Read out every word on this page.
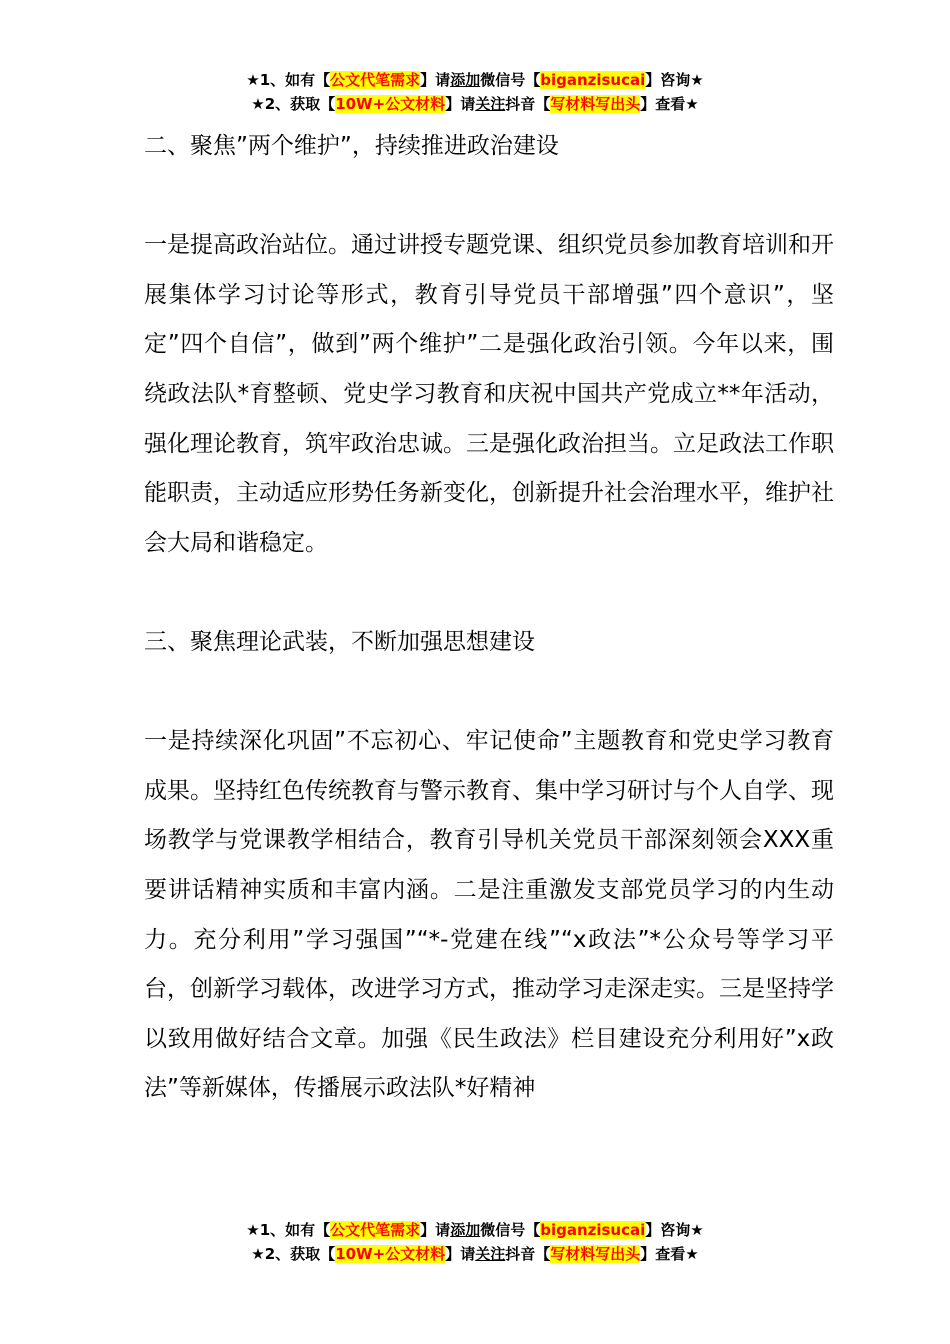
★1、如有【公文代笔需求】请添加微信号【biganzisucai】咨询★
★2、获取【10W+公文材料】请关注抖音【写材料写出头】查看★

二、聚焦”两个维护”，持续推进政治建设

一是提高政治站位。通过讲授专题党课、组织党员参加教育培训和开展集体学习讨论等形式，教育引导党员干部增强”四个意识”，坚定”四个自信”，做到”两个维护”二是强化政治引领。今年以来，围绕政法队*育整顿、党史学习教育和庆祝中国共产党成立**年活动，强化理论教育，筑牢政治忠诚。三是强化政治担当。立足政法工作职能职责，主动适应形势任务新变化，创新提升社会治理水平，维护社会大局和谐稳定。

三、聚焦理论武装，不断加强思想建设

一是持续深化巩固”不忘初心、牢记使命”主题教育和党史学习教育成果。坚持红色传统教育与警示教育、集中学习研讨与个人自学、现场教学与党课教学相结合，教育引导机关党员干部深刻领会XXX重要讲话精神实质和丰富内涵。二是注重激发支部党员学习的内生动力。充分利用”学习强国”“*-党建在线”“x政法”*公众号等学习平台，创新学习载体，改进学习方式，推动学习走深走实。三是坚持学以致用做好结合文章。加强《民生政法》栏目建设充分利用好”x政法”等新媒体，传播展示政法队*好精神

★1、如有【公文代笔需求】请添加微信号【biganzisucai】咨询★
★2、获取【10W+公文材料】请关注抖音【写材料写出头】查看★
